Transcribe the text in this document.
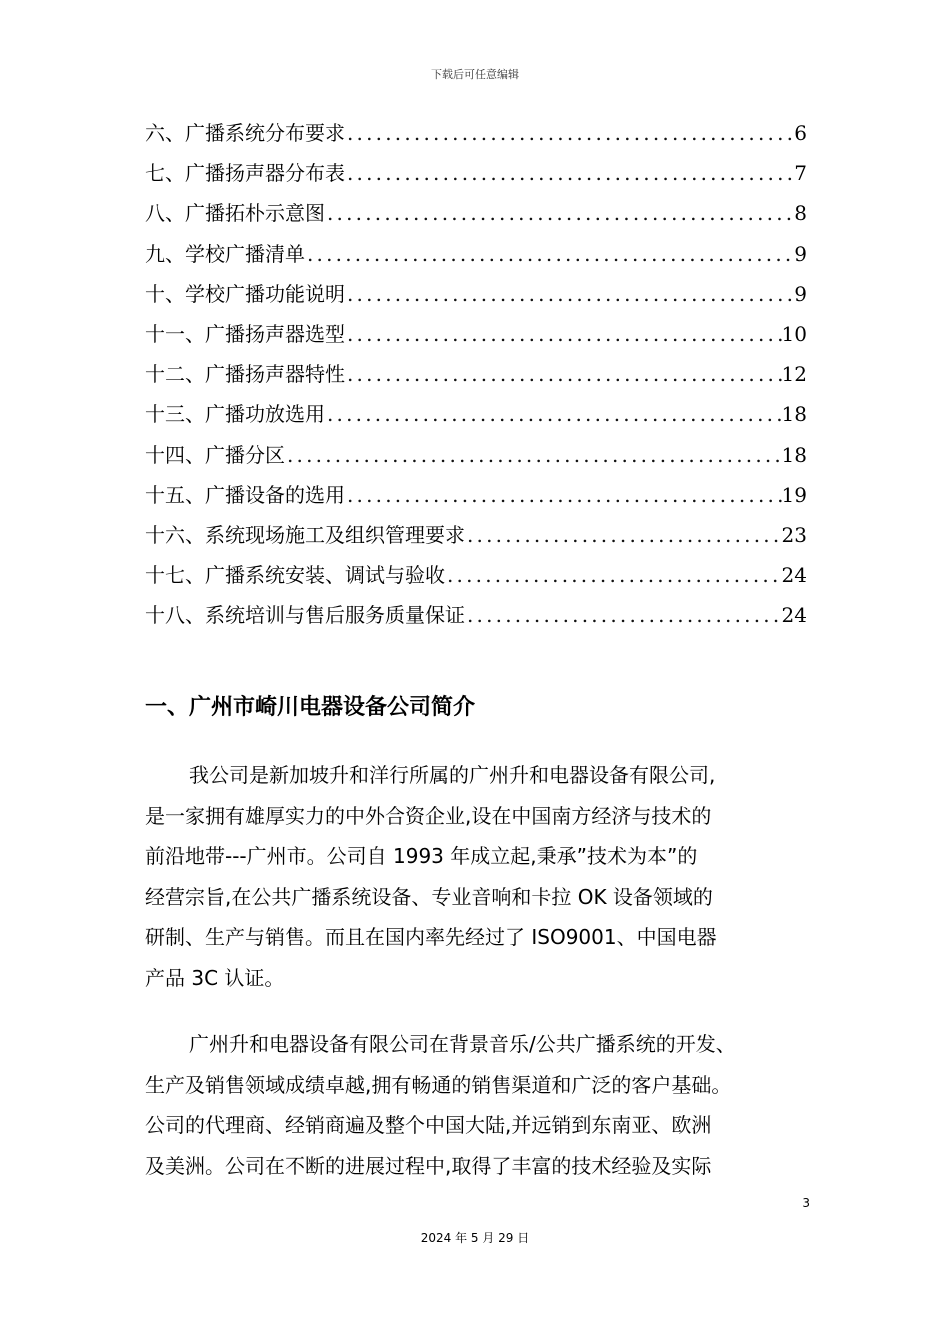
下载后可任意编辑
六、广播系统分布要求 .....	6
七、广播扬声器分布表 .....	7
八、广播拓朴示意图 .....	8
九、学校广播清单 .....	9
十、学校广播功能说明 .....	9
十一、广播扬声器选型 .....	10
十二、广播扬声器特性 .....	12
十三、广播功放选用 .....	18
十四、广播分区 .....	18
十五、广播设备的选用 .....	19
十六、系统现场施工及组织管理要求 .....	23
十七、广播系统安装、调试与验收 .....	24
十八、系统培训与售后服务质量保证 .....	24
一、广州市崎川电器设备公司简介

我公司是新加坡升和洋行所属的广州升和电器设备有限公司,
是一家拥有雄厚实力的中外合资企业,设在中国南方经济与技术的
前沿地带---广州市。公司自 1993 年成立起,秉承”技术为本”的
经营宗旨,在公共广播系统设备、专业音响和卡拉 OK 设备领域的
研制、生产与销售。而且在国内率先经过了 ISO9001、中国电器
产品 3C 认证。

广州升和电器设备有限公司在背景音乐/公共广播系统的开发、
生产及销售领域成绩卓越,拥有畅通的销售渠道和广泛的客户基础。
公司的代理商、经销商遍及整个中国大陆,并远销到东南亚、欧洲
及美洲。公司在不断的进展过程中,取得了丰富的技术经验及实际

3
2024 年 5 月 29 日
